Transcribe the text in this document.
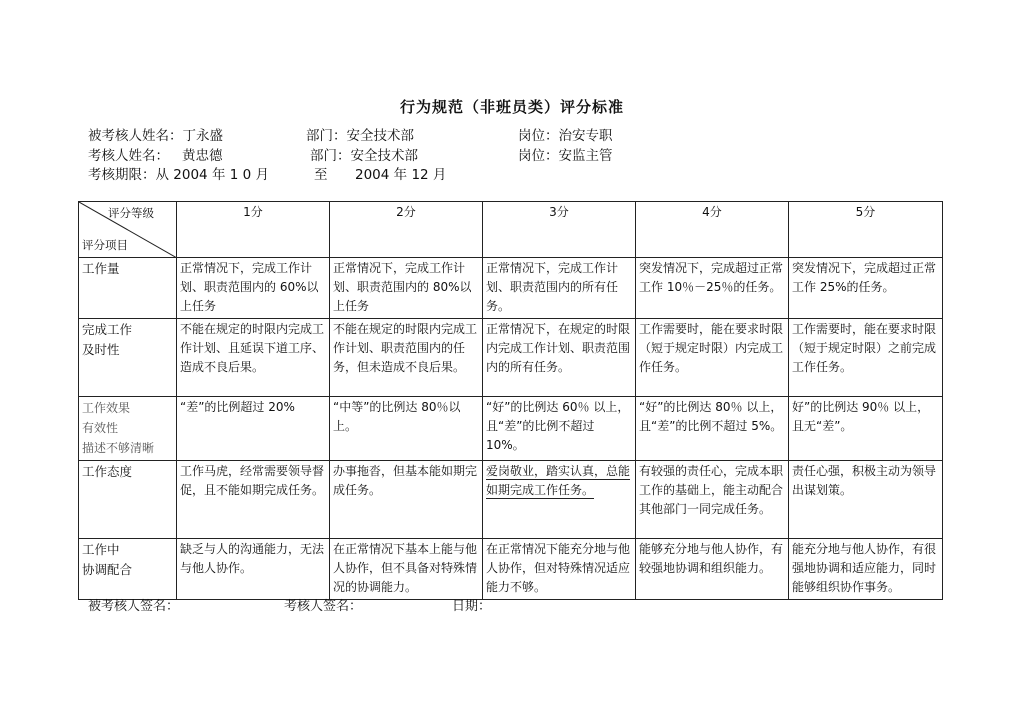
行为规范（非班员类）评分标准
被考核人姓名：丁永盛	部门：安全技术部	岗位：治安专职
考核人姓名： 黄忠德	部门：安全技术部	岗位：安监主管
考核期限：从 2004 年 1 0 月	至 2004 年 12 月
评分等级
评分项目	1分	2分	3分	4分	5分

工作量	正常情况下，完成工作计划、职责范围内的 60%以上任务	正常情况下，完成工作计划、职责范围内的 80%以上任务	正常情况下，完成工作计划、职责范围内的所有任务。	突发情况下，完成超过正常工作 10％－25％的任务。	突发情况下，完成超过正常工作 25%的任务。

完成工作
及时性	不能在规定的时限内完成工作计划、且延误下道工序、造成不良后果。	不能在规定的时限内完成工作计划、职责范围内的任务，但未造成不良后果。	正常情况下，在规定的时限内完成工作计划、职责范围内的所有任务。	工作需要时，能在要求时限（短于规定时限）内完成工作任务。	工作需要时，能在要求时限（短于规定时限）之前完成工作任务。

工作效果
有效性
描述不够清晰	“差”的比例超过 20%	“中等”的比例达 80％以上。	“好”的比例达 60％ 以上，且“差”的比例不超过 10%。	“好”的比例达 80％ 以上，且“差”的比例不超过 5%。	好”的比例达 90％ 以上，且无“差”。

工作态度	工作马虎，经常需要领导督促，且不能如期完成任务。	办事拖沓，但基本能如期完成任务。	爱岗敬业，踏实认真，总能如期完成工作任务。	有较强的责任心，完成本职工作的基础上，能主动配合其他部门一同完成任务。	责任心强，积极主动为领导出谋划策。

工作中
协调配合	缺乏与人的沟通能力，无法与他人协作。	在正常情况下基本上能与他人协作，但不具备对特殊情况的协调能力。	在正常情况下能充分地与他人协作，但对特殊情况适应能力不够。	能够充分地与他人协作，有较强地协调和组织能力。	能充分地与他人协作，有很强地协调和适应能力，同时能够组织协作事务。
被考核人签名：	考核人签名：	日期：
